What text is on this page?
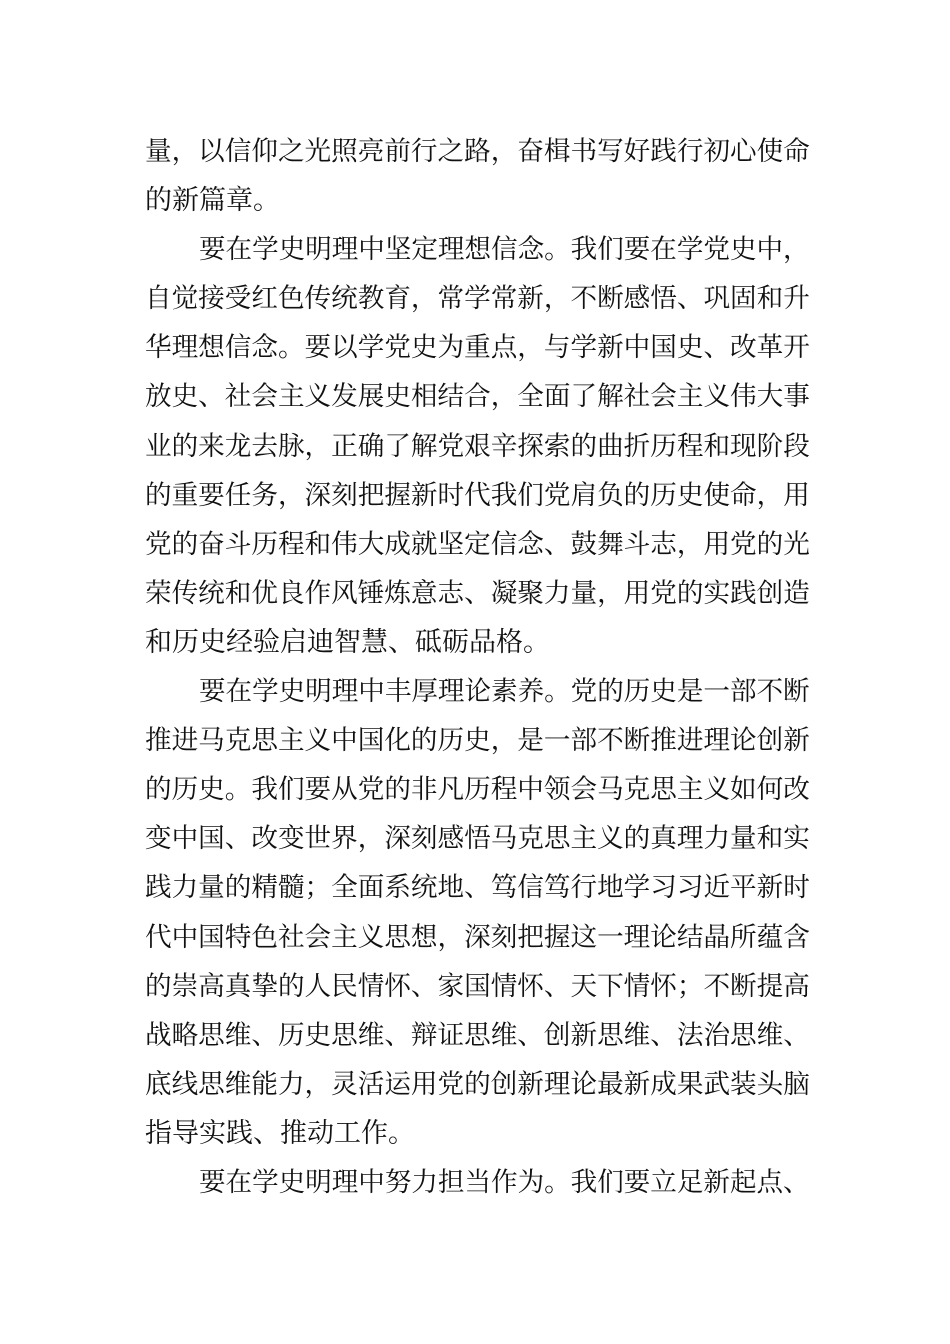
量，以信仰之光照亮前行之路，奋楫书写好践行初心使命
的新篇章。
要在学史明理中坚定理想信念。我们要在学党史中，
自觉接受红色传统教育，常学常新，不断感悟、巩固和升
华理想信念。要以学党史为重点，与学新中国史、改革开
放史、社会主义发展史相结合，全面了解社会主义伟大事
业的来龙去脉，正确了解党艰辛探索的曲折历程和现阶段
的重要任务，深刻把握新时代我们党肩负的历史使命，用
党的奋斗历程和伟大成就坚定信念、鼓舞斗志，用党的光
荣传统和优良作风锤炼意志、凝聚力量，用党的实践创造
和历史经验启迪智慧、砥砺品格。
要在学史明理中丰厚理论素养。党的历史是一部不断
推进马克思主义中国化的历史，是一部不断推进理论创新
的历史。我们要从党的非凡历程中领会马克思主义如何改
变中国、改变世界，深刻感悟马克思主义的真理力量和实
践力量的精髓；全面系统地、笃信笃行地学习习近平新时
代中国特色社会主义思想，深刻把握这一理论结晶所蕴含
的崇高真挚的人民情怀、家国情怀、天下情怀；不断提高
战略思维、历史思维、辩证思维、创新思维、法治思维、
底线思维能力，灵活运用党的创新理论最新成果武装头脑
指导实践、推动工作。
要在学史明理中努力担当作为。我们要立足新起点、
